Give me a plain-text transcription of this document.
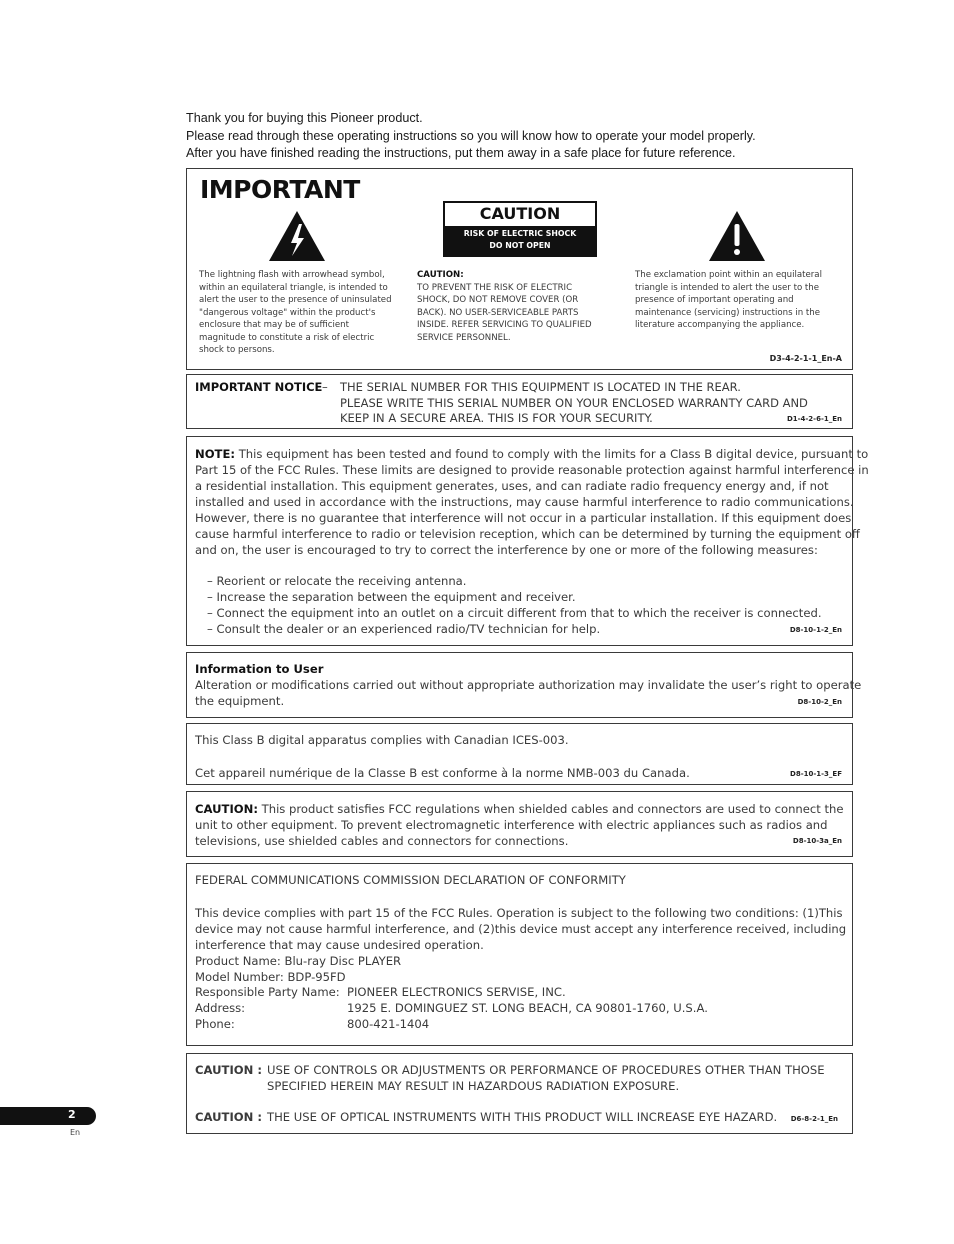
Thank you for buying this Pioneer product.
Please read through these operating instructions so you will know how to operate your model properly.
After you have finished reading the instructions, put them away in a safe place for future reference.
IMPORTANT
CAUTION
RISK OF ELECTRIC SHOCK
DO NOT OPEN
The lightning flash with arrowhead symbol,
within an equilateral triangle, is intended to
alert the user to the presence of uninsulated
"dangerous voltage" within the product's
enclosure that may be of sufficient
magnitude to constitute a risk of electric
shock to persons.
CAUTION:
TO PREVENT THE RISK OF ELECTRIC
SHOCK, DO NOT REMOVE COVER (OR
BACK). NO USER-SERVICEABLE PARTS
INSIDE. REFER SERVICING TO QUALIFIED
SERVICE PERSONNEL.
The exclamation point within an equilateral
triangle is intended to alert the user to the
presence of important operating and
maintenance (servicing) instructions in the
literature accompanying the appliance.
D3-4-2-1-1_En-A
IMPORTANT NOTICE – THE SERIAL NUMBER FOR THIS EQUIPMENT IS LOCATED IN THE REAR.
PLEASE WRITE THIS SERIAL NUMBER ON YOUR ENCLOSED WARRANTY CARD AND
KEEP IN A SECURE AREA. THIS IS FOR YOUR SECURITY.	D1-4-2-6-1_En
NOTE: This equipment has been tested and found to comply with the limits for a Class B digital device, pursuant to
Part 15 of the FCC Rules. These limits are designed to provide reasonable protection against harmful interference in
a residential installation. This equipment generates, uses, and can radiate radio frequency energy and, if not
installed and used in accordance with the instructions, may cause harmful interference to radio communications.
However, there is no guarantee that interference will not occur in a particular installation. If this equipment does
cause harmful interference to radio or television reception, which can be determined by turning the equipment off
and on, the user is encouraged to try to correct the interference by one or more of the following measures:
– Reorient or relocate the receiving antenna.
– Increase the separation between the equipment and receiver.
– Connect the equipment into an outlet on a circuit different from that to which the receiver is connected.
– Consult the dealer or an experienced radio/TV technician for help.	D8-10-1-2_En
Information to User
Alteration or modifications carried out without appropriate authorization may invalidate the user’s right to operate
the equipment.	D8-10-2_En
This Class B digital apparatus complies with Canadian ICES-003.
Cet appareil numérique de la Classe B est conforme à la norme NMB-003 du Canada.	D8-10-1-3_EF
CAUTION: This product satisfies FCC regulations when shielded cables and connectors are used to connect the
unit to other equipment. To prevent electromagnetic interference with electric appliances such as radios and
televisions, use shielded cables and connectors for connections.	D8-10-3a_En
FEDERAL COMMUNICATIONS COMMISSION DECLARATION OF CONFORMITY
This device complies with part 15 of the FCC Rules. Operation is subject to the following two conditions: (1)This
device may not cause harmful interference, and (2)this device must accept any interference received, including
interference that may cause undesired operation.
Product Name: Blu-ray Disc PLAYER
Model Number: BDP-95FD
Responsible Party Name: PIONEER ELECTRONICS SERVISE, INC.
Address:	1925 E. DOMINGUEZ ST. LONG BEACH, CA 90801-1760, U.S.A.
Phone:	800-421-1404
CAUTION : USE OF CONTROLS OR ADJUSTMENTS OR PERFORMANCE OF PROCEDURES OTHER THAN THOSE
SPECIFIED HEREIN MAY RESULT IN HAZARDOUS RADIATION EXPOSURE.
CAUTION : THE USE OF OPTICAL INSTRUMENTS WITH THIS PRODUCT WILL INCREASE EYE HAZARD. D6-8-2-1_En
2
En
